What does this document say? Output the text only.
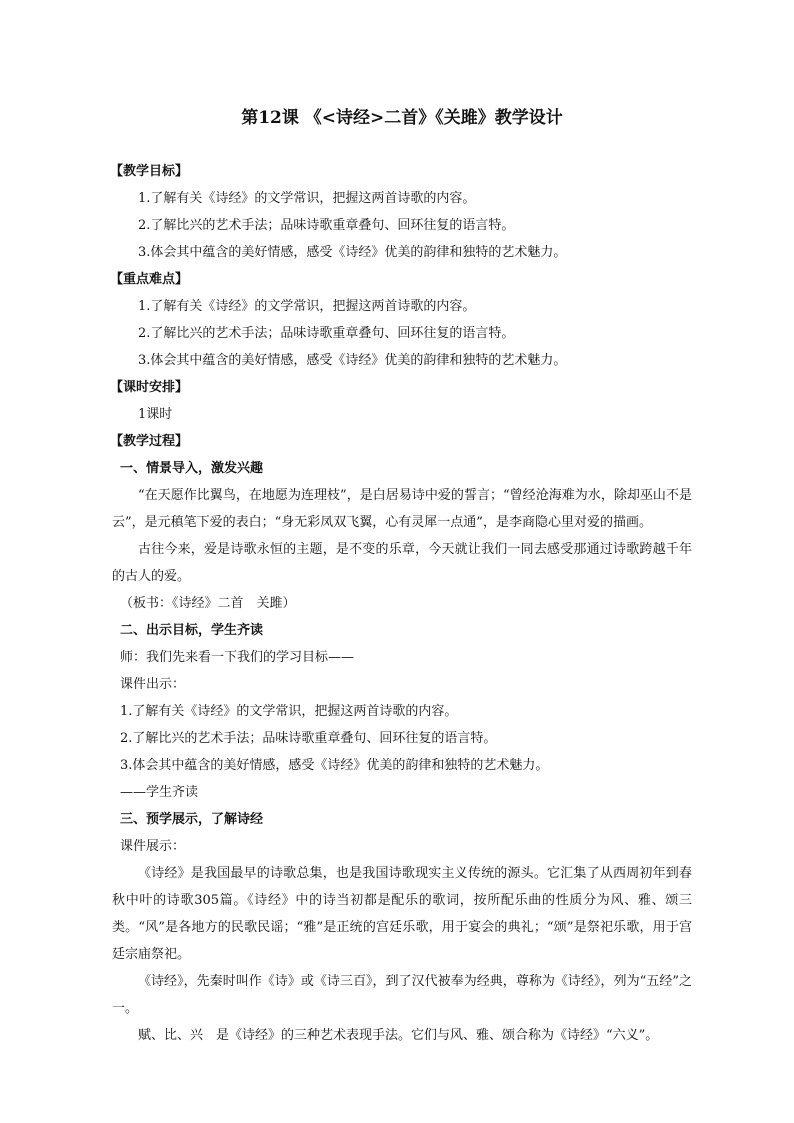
第12课 《<诗经>二首》《关雎》教学设计
【教学目标】
1.了解有关《诗经》的文学常识，把握这两首诗歌的内容。
2.了解比兴的艺术手法；品味诗歌重章叠句、回环往复的语言特。
3.体会其中蕴含的美好情感，感受《诗经》优美的韵律和独特的艺术魅力。
【重点难点】
1.了解有关《诗经》的文学常识，把握这两首诗歌的内容。
2.了解比兴的艺术手法；品味诗歌重章叠句、回环往复的语言特。
3.体会其中蕴含的美好情感，感受《诗经》优美的韵律和独特的艺术魅力。
【课时安排】
1课时
【教学过程】
一、情景导入，激发兴趣

“在天愿作比翼鸟，在地愿为连理枝”，是白居易诗中爱的誓言；“曾经沧海难为水，除却巫山不是云”，是元稹笔下爱的表白；“身无彩凤双飞翼，心有灵犀一点通”，是李商隐心里对爱的描画。

古往今来，爱是诗歌永恒的主题，是不变的乐章，今天就让我们一同去感受那通过诗歌跨越千年的古人的爱。

（板书：《诗经》二首　关雎）
二、出示目标，学生齐读
师：我们先来看一下我们的学习目标——
课件出示：
1.了解有关《诗经》的文学常识，把握这两首诗歌的内容。
2.了解比兴的艺术手法；品味诗歌重章叠句、回环往复的语言特。
3.体会其中蕴含的美好情感，感受《诗经》优美的韵律和独特的艺术魅力。
——学生齐读
三、预学展示，了解诗经
课件展示：

《诗经》是我国最早的诗歌总集，也是我国诗歌现实主义传统的源头。它汇集了从西周初年到春秋中叶的诗歌305篇。《诗经》中的诗当初都是配乐的歌词，按所配乐曲的性质分为风、雅、颂三类。“风”是各地方的民歌民谣；“雅”是正统的宫廷乐歌，用于宴会的典礼；“颂”是祭祀乐歌，用于宫廷宗庙祭祀。

《诗经》，先秦时叫作《诗》或《诗三百》，到了汉代被奉为经典，尊称为《诗经》，列为“五经”之一。

赋、比、兴　是《诗经》的三种艺术表现手法。它们与风、雅、颂合称为《诗经》“六义”。
